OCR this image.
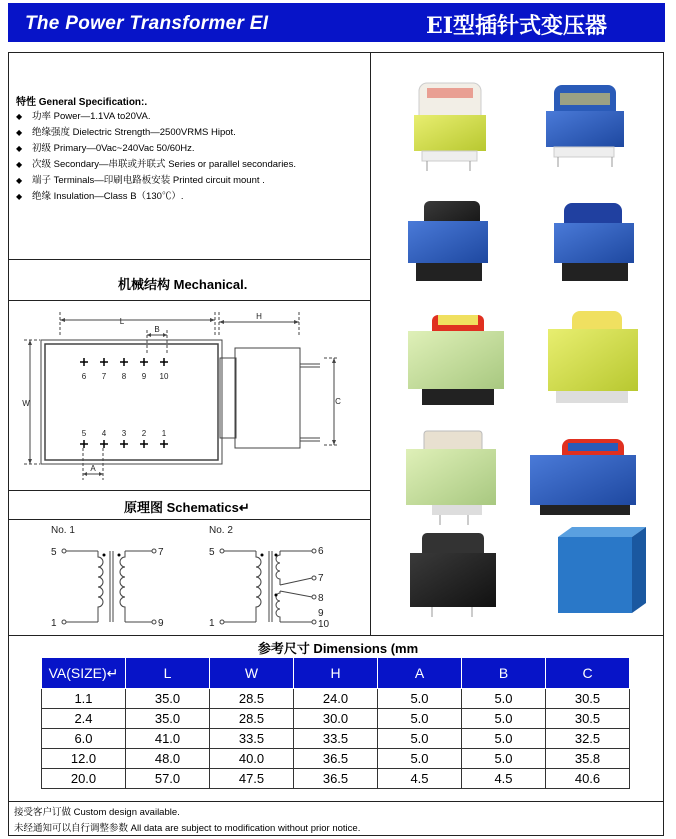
The Power Transformer EI	EI型插针式变压器
特性 General Specification:.
◆ 功率 Power—1.1VA to20VA.
◆ 绝缘强度 Dielectric Strength—2500VRMS Hipot.
◆ 初级 Primary—0Vac~240Vac 50/60Hz.
◆ 次级 Secondary—串联或并联式 Series or parallel secondaries.
◆ 端子 Terminals—印刷电路板安装 Printed circuit mount .
◆ 绝缘 Insulation—Class B（130℃）.
机械结构 Mechanical.
L
B
W
A
H
C
6 7 8 9 10
5 4 3 2 1
原理图 Schematics↵
No. 1	No. 2
5
1
7
9
5
1
6
7
8
9
10
参考尺寸 Dimensions (mm
VA(SIZE)↵	L	W	H	A	B	C
1.1	35.0	28.5	24.0	5.0	5.0	30.5
2.4	35.0	28.5	30.0	5.0	5.0	30.5
6.0	41.0	33.5	33.5	5.0	5.0	32.5
12.0	48.0	40.0	36.5	5.0	5.0	35.8
20.0	57.0	47.5	36.5	4.5	4.5	40.6
接受客户订做 Custom design available.
未经通知可以自行调整参数 All data are subject to modification without prior notice.
